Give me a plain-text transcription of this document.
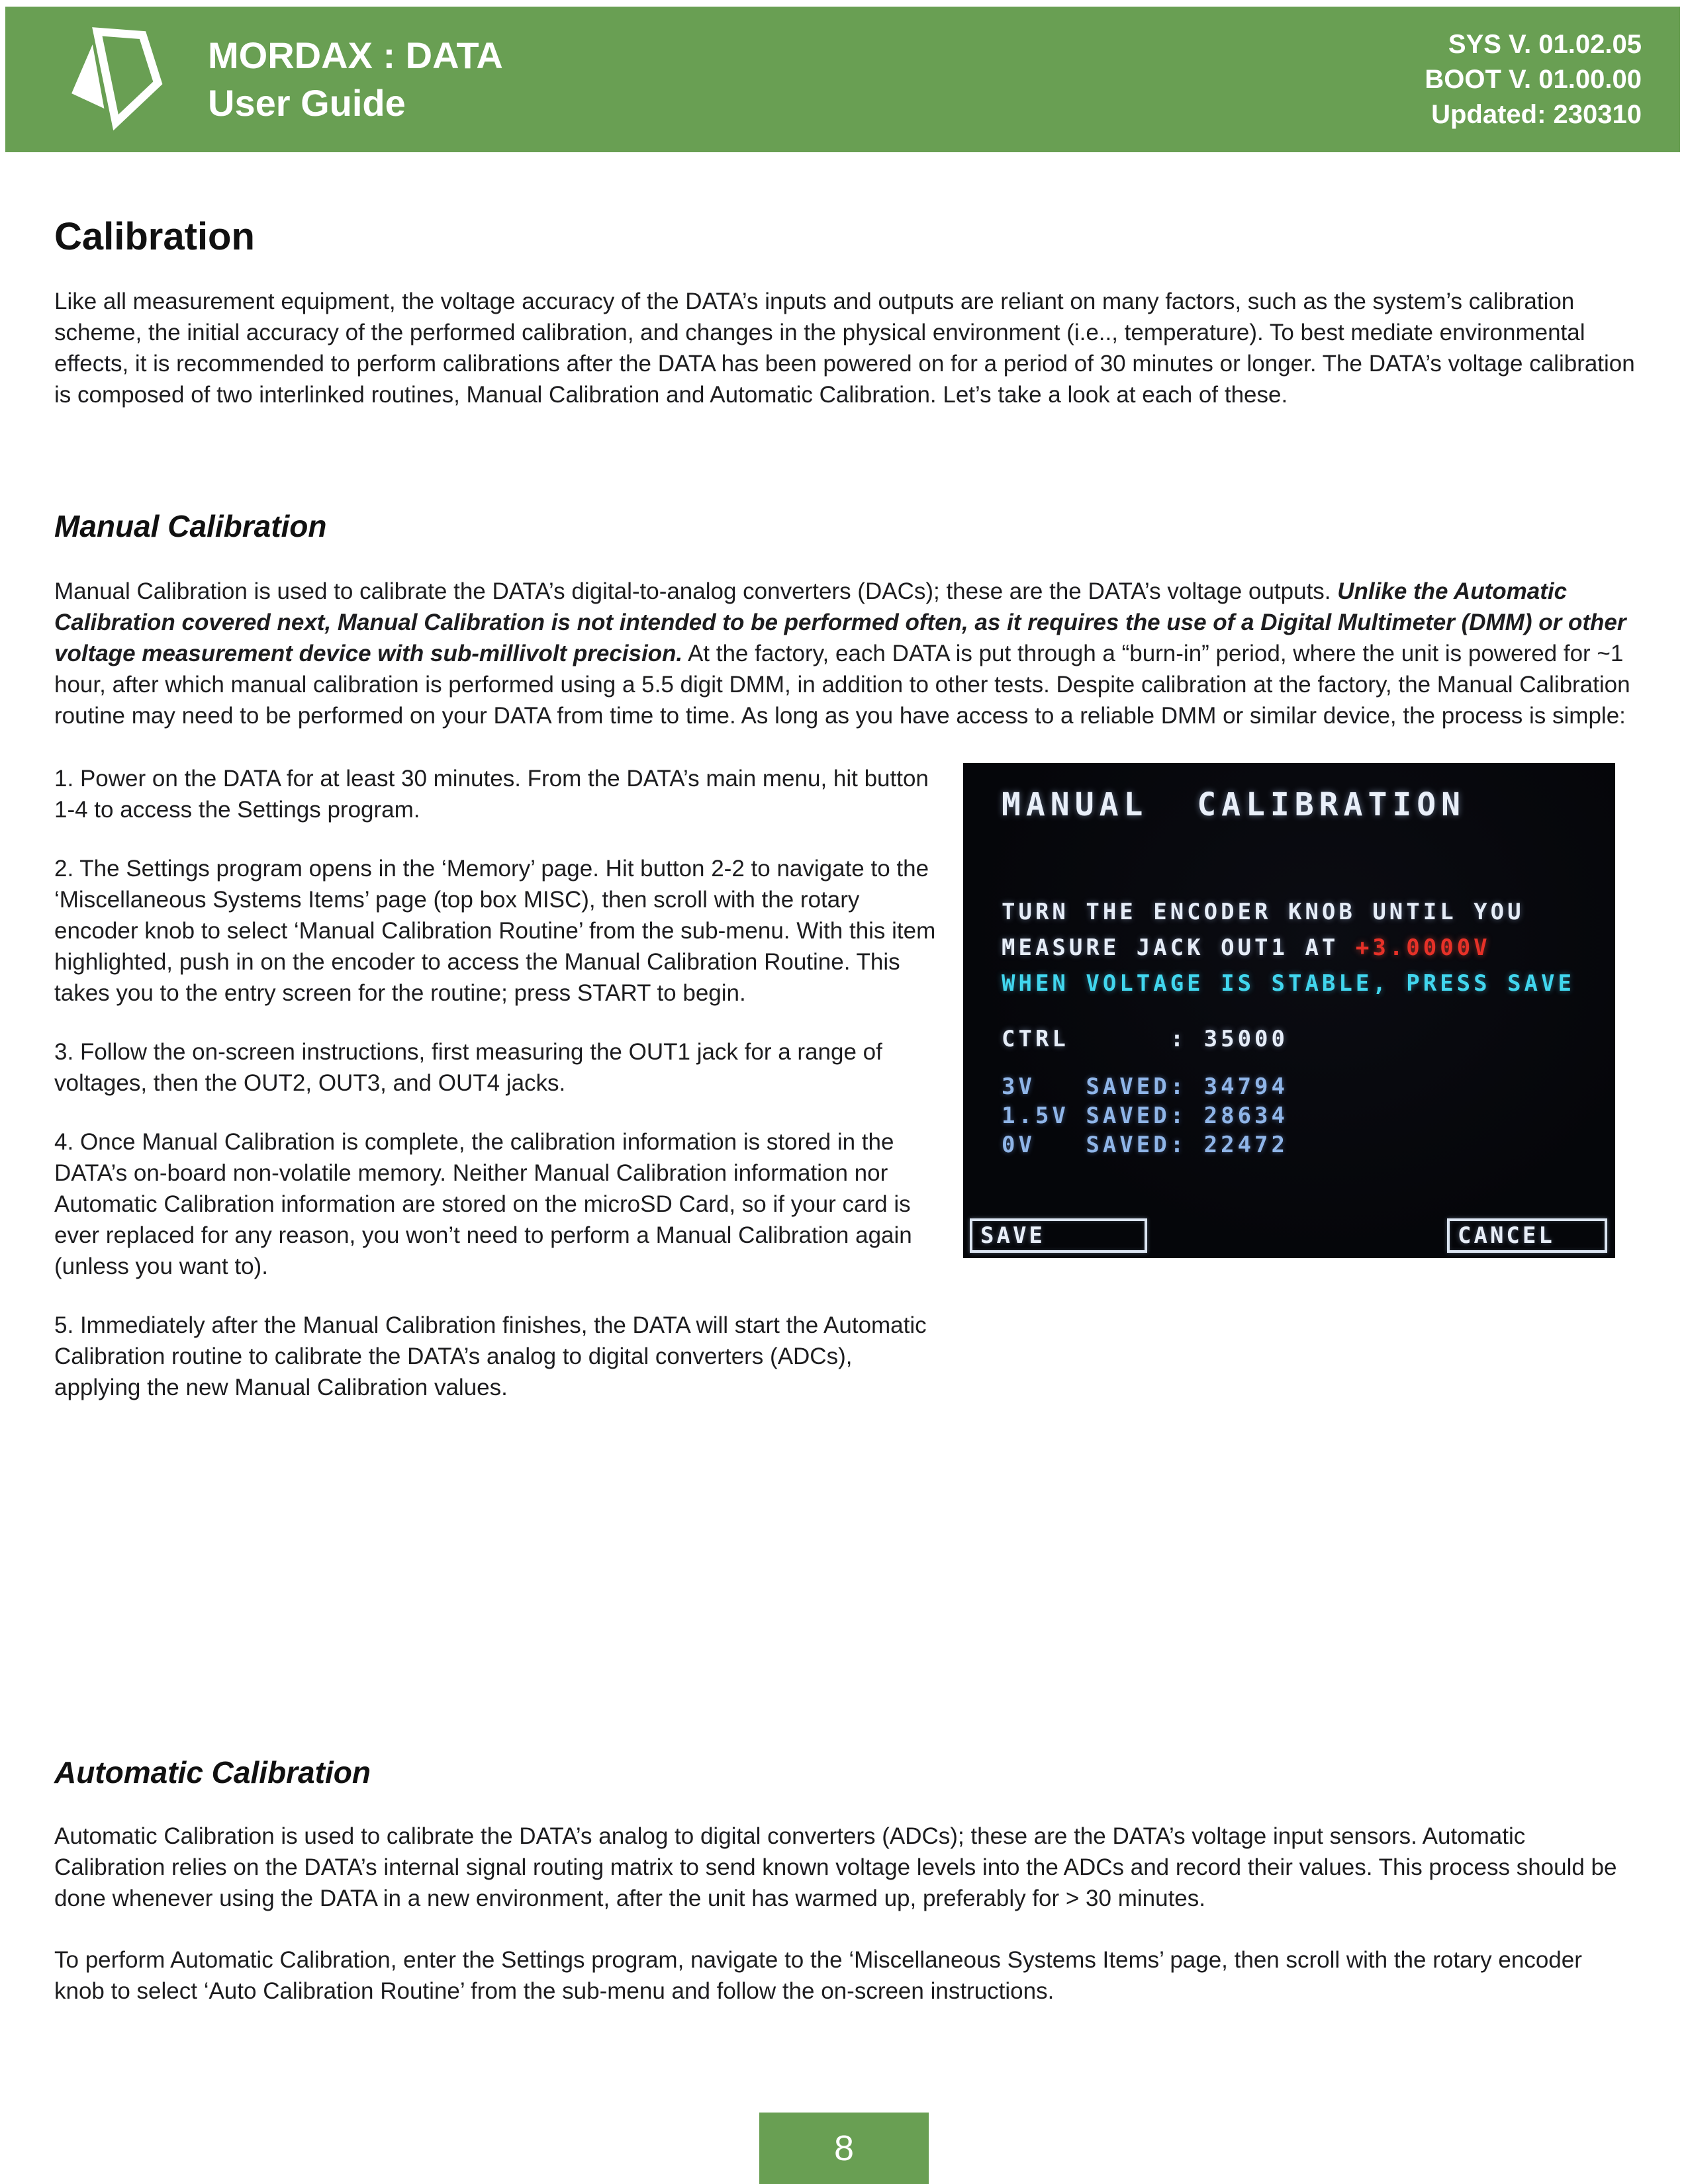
MORDAX : DATA
User Guide
SYS V. 01.02.05
BOOT V. 01.00.00
Updated: 230310
Calibration

Like all measurement equipment, the voltage accuracy of the DATA’s inputs and outputs are reliant on many factors, such as the system’s calibration scheme, the initial accuracy of the performed calibration, and changes in the physical environment (i.e.., temperature). To best mediate environmental effects, it is recommended to perform calibrations after the DATA has been powered on for a period of 30 minutes or longer. The DATA’s voltage calibration is composed of two interlinked routines, Manual Calibration and Automatic Calibration. Let’s take a look at each of these.

Manual Calibration

Manual Calibration is used to calibrate the DATA’s digital-to-analog converters (DACs); these are the DATA’s voltage outputs. Unlike the Automatic Calibration covered next, Manual Calibration is not intended to be performed often, as it requires the use of a Digital Multimeter (DMM) or other voltage measurement device with sub-millivolt precision. At the factory, each DATA is put through a “burn-in” period, where the unit is powered for ~1 hour, after which manual calibration is performed using a 5.5 digit DMM, in addition to other tests. Despite calibration at the factory, the Manual Calibration routine may need to be performed on your DATA from time to time. As long as you have access to a reliable DMM or similar device, the process is simple:

1. Power on the DATA for at least 30 minutes. From the DATA’s main menu, hit button 1-4 to access the Settings program.

2. The Settings program opens in the ‘Memory’ page. Hit button 2-2 to navigate to the ‘Miscellaneous Systems Items’ page (top box MISC), then scroll with the rotary encoder knob to select ‘Manual Calibration Routine’ from the sub-menu. With this item highlighted, push in on the encoder to access the Manual Calibration Routine. This takes you to the entry screen for the routine; press START to begin.

3. Follow the on-screen instructions, first measuring the OUT1 jack for a range of voltages, then the OUT2, OUT3, and OUT4 jacks.

4. Once Manual Calibration is complete, the calibration information is stored in the DATA’s on-board non-volatile memory. Neither Manual Calibration information nor Automatic Calibration information are stored on the microSD Card, so if your card is ever replaced for any reason, you won’t need to perform a Manual Calibration again (unless you want to).

5. Immediately after the Manual Calibration finishes, the DATA will start the Automatic Calibration routine to calibrate the DATA’s analog to digital converters (ADCs), applying the new Manual Calibration values.

MANUAL  CALIBRATION
TURN THE ENCODER KNOB UNTIL YOU
MEASURE JACK OUT1 AT +3.0000V
WHEN VOLTAGE IS STABLE, PRESS SAVE
CTRL      : 35000
3V   SAVED: 34794
1.5V SAVED: 28634
0V   SAVED: 22472
SAVE	CANCEL
Automatic Calibration

Automatic Calibration is used to calibrate the DATA’s analog to digital converters (ADCs); these are the DATA’s voltage input sensors. Automatic Calibration relies on the DATA’s internal signal routing matrix to send known voltage levels into the ADCs and record their values. This process should be done whenever using the DATA in a new environment, after the unit has warmed up, preferably for > 30 minutes.

To perform Automatic Calibration, enter the Settings program, navigate to the ‘Miscellaneous Systems Items’ page, then scroll with the rotary encoder knob to select ‘Auto Calibration Routine’ from the sub-menu and follow the on-screen instructions.

8
